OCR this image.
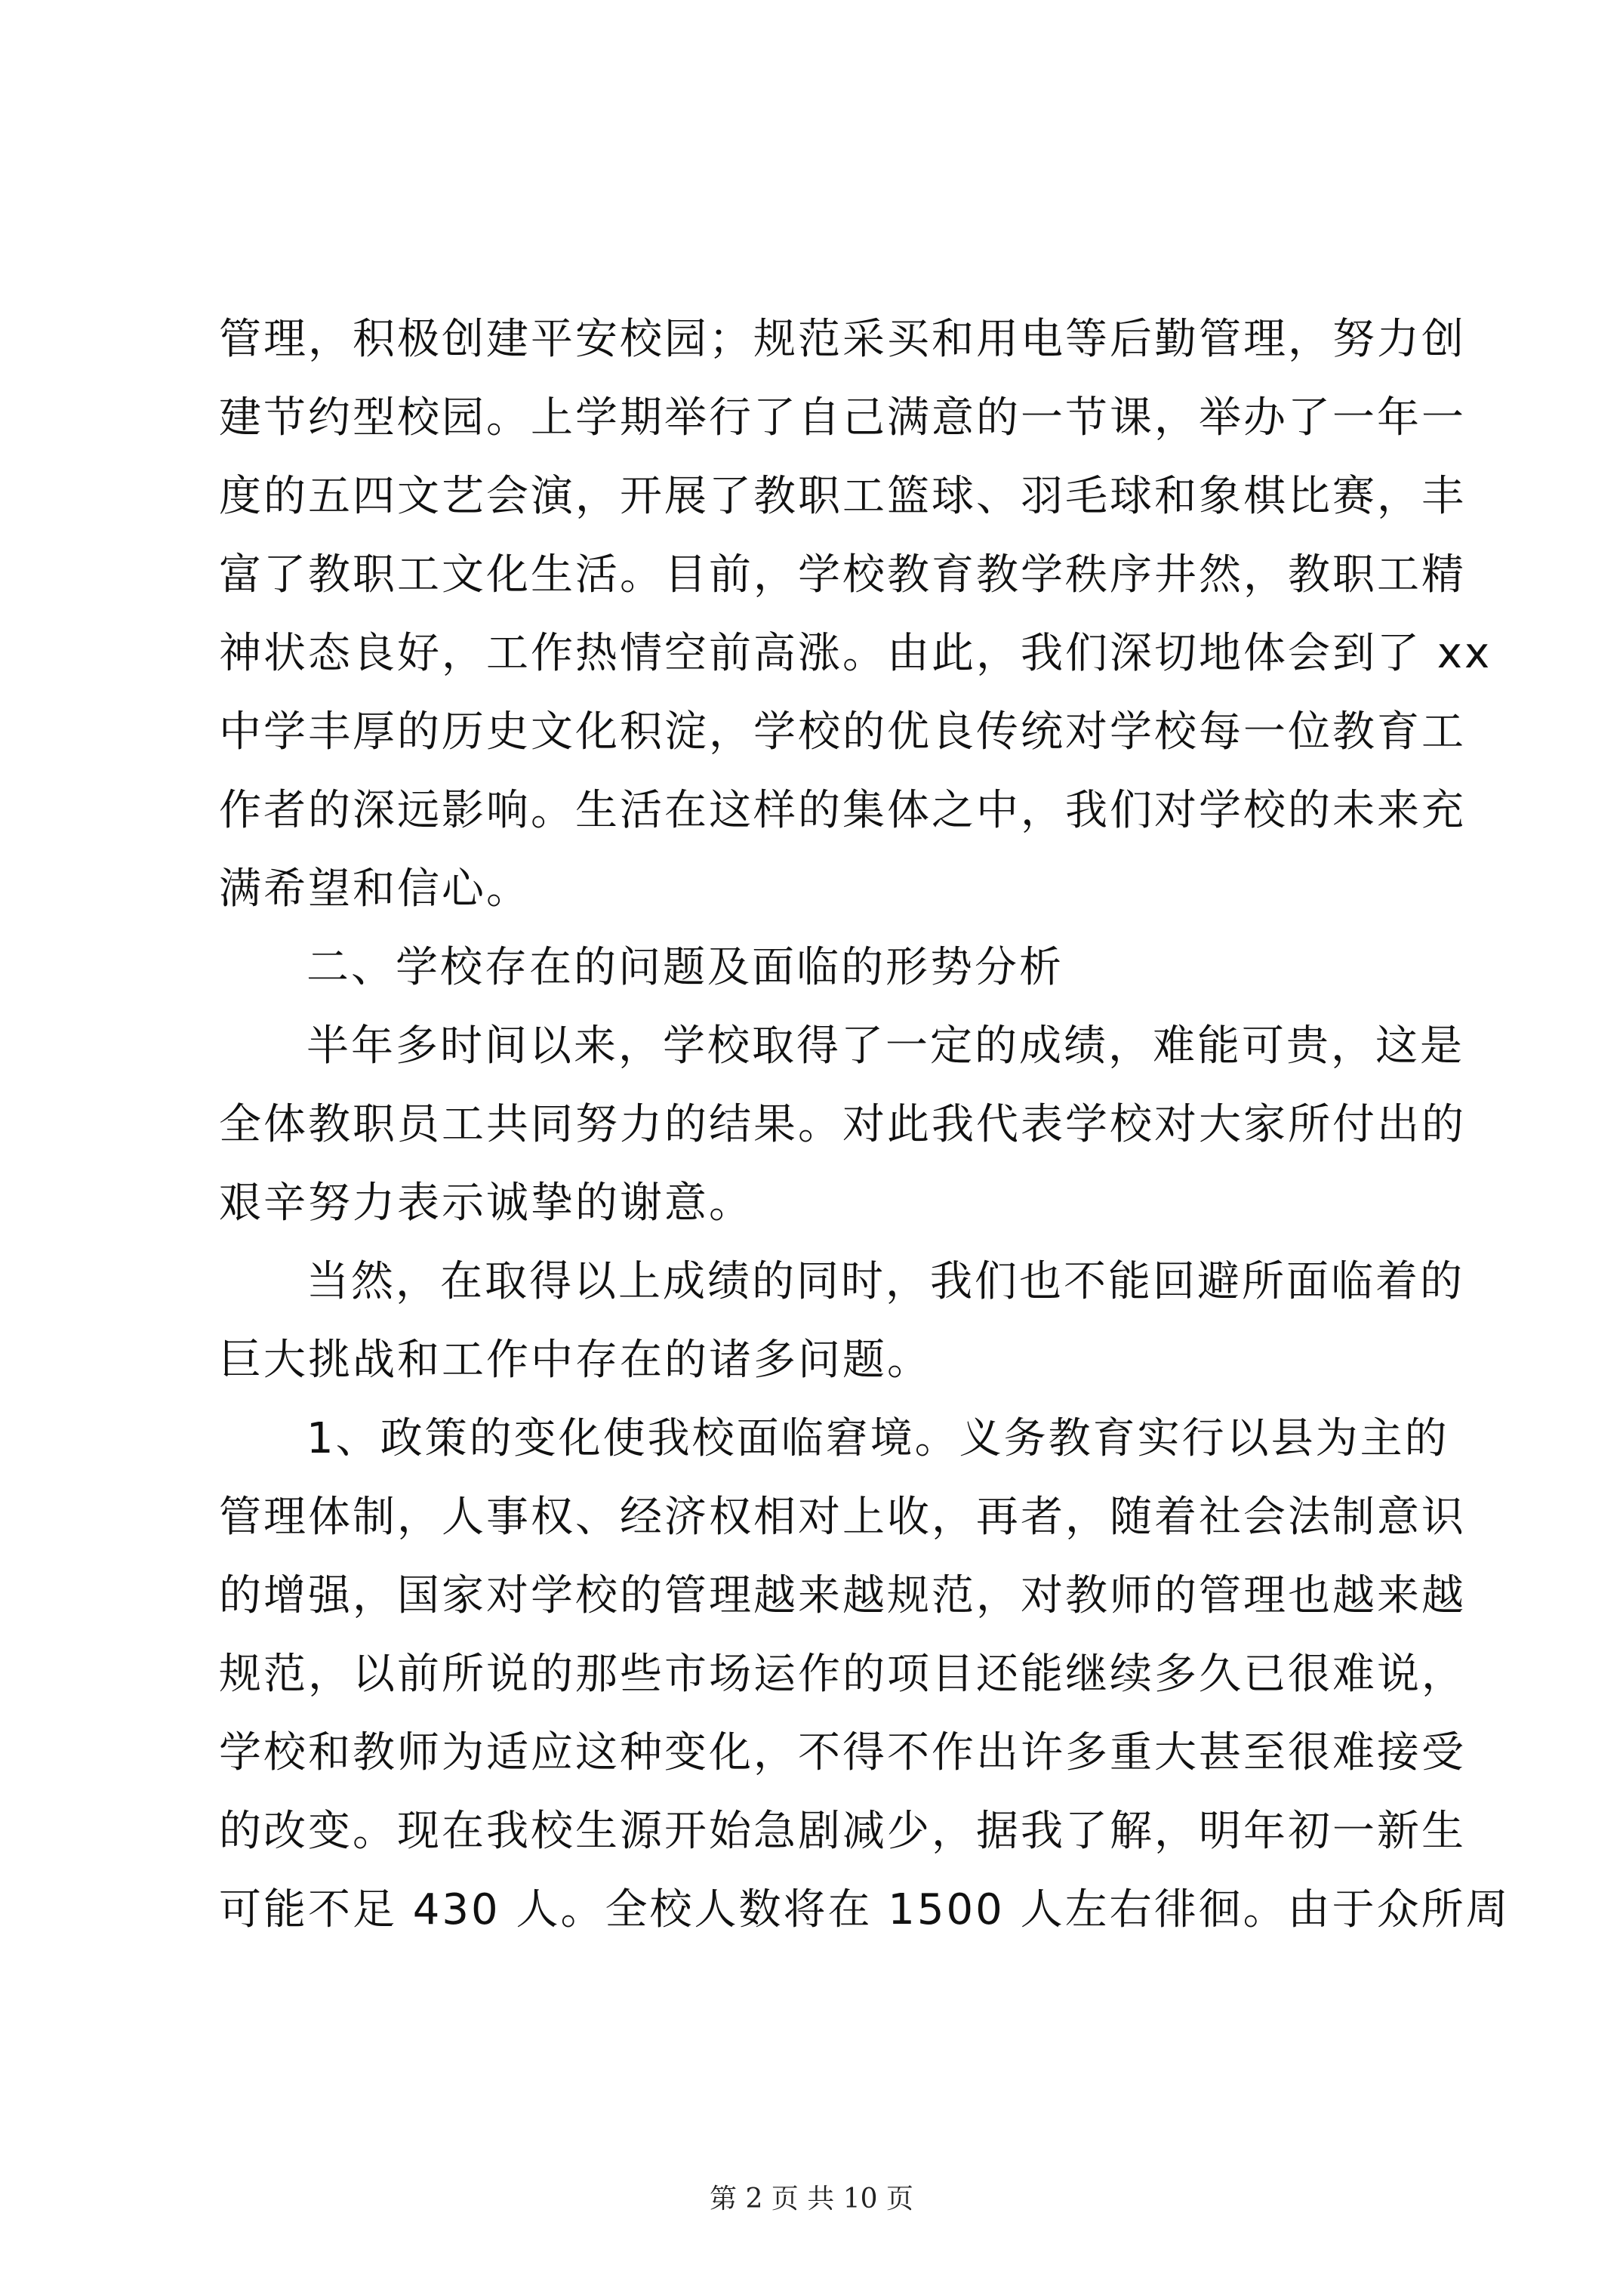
管理，积极创建平安校园；规范采买和用电等后勤管理，努力创
建节约型校园。上学期举行了自己满意的一节课，举办了一年一
度的五四文艺会演，开展了教职工篮球、羽毛球和象棋比赛，丰
富了教职工文化生活。目前，学校教育教学秩序井然，教职工精
神状态良好，工作热情空前高涨。由此，我们深切地体会到了 xx
中学丰厚的历史文化积淀，学校的优良传统对学校每一位教育工
作者的深远影响。生活在这样的集体之中，我们对学校的未来充
满希望和信心。
二、学校存在的问题及面临的形势分析
半年多时间以来，学校取得了一定的成绩，难能可贵，这是
全体教职员工共同努力的结果。对此我代表学校对大家所付出的
艰辛努力表示诚挚的谢意。
当然，在取得以上成绩的同时，我们也不能回避所面临着的
巨大挑战和工作中存在的诸多问题。
1、政策的变化使我校面临窘境。义务教育实行以县为主的
管理体制，人事权、经济权相对上收，再者，随着社会法制意识
的增强，国家对学校的管理越来越规范，对教师的管理也越来越
规范，以前所说的那些市场运作的项目还能继续多久已很难说，
学校和教师为适应这种变化，不得不作出许多重大甚至很难接受
的改变。现在我校生源开始急剧减少，据我了解，明年初一新生
可能不足 430 人。全校人数将在 1500 人左右徘徊。由于众所周
第 2 页 共 10 页
